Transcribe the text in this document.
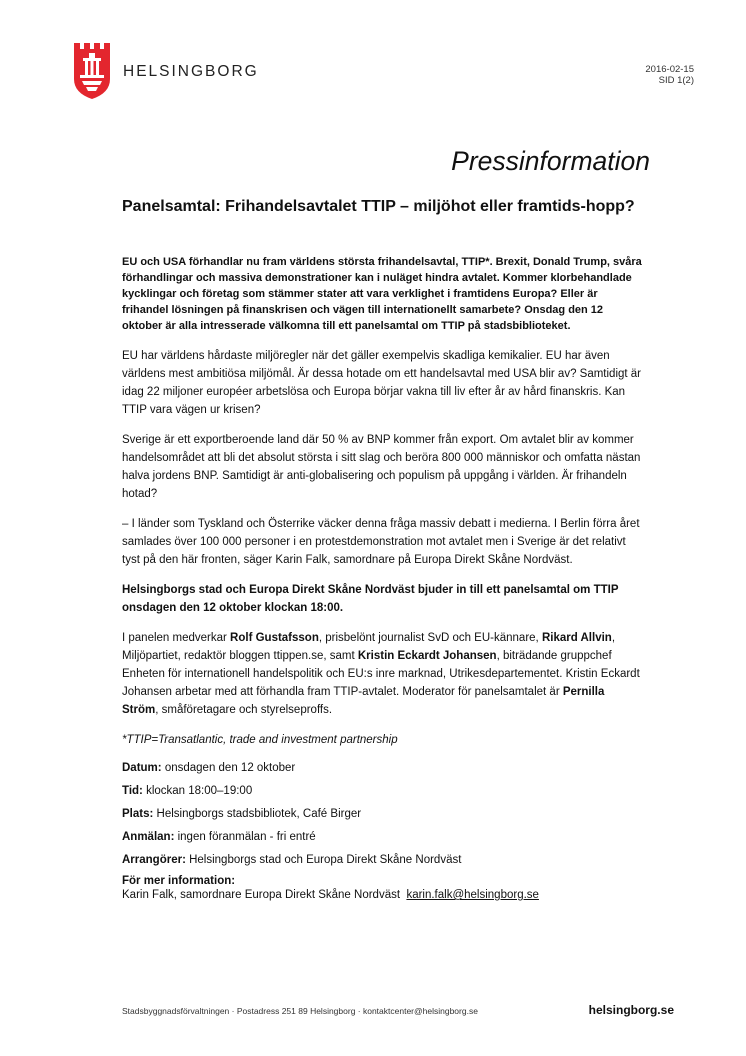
HELSINGBORG	2016-02-15
SID 1(2)
Pressinformation
Panelsamtal: Frihandelsavtalet TTIP – miljöhot eller framtids-hopp?

EU och USA förhandlar nu fram världens största frihandelsavtal, TTIP*. Brexit, Donald Trump, svåra förhandlingar och massiva demonstrationer kan i nuläget hindra avtalet. Kommer klorbehandlade kycklingar och företag som stämmer stater att vara verklighet i framtidens Europa? Eller är frihandel lösningen på finanskrisen och vägen till internationellt samarbete? Onsdag den 12 oktober är alla intresserade välkomna till ett panelsamtal om TTIP på stadsbiblioteket.

EU har världens hårdaste miljöregler när det gäller exempelvis skadliga kemikalier. EU har även världens mest ambitiösa miljömål. Är dessa hotade om ett handelsavtal med USA blir av? Samtidigt är idag 22 miljoner européer arbetslösa och Europa börjar vakna till liv efter år av hård finanskris. Kan TTIP vara vägen ur krisen?

Sverige är ett exportberoende land där 50 % av BNP kommer från export. Om avtalet blir av kommer handelsområdet att bli det absolut största i sitt slag och beröra 800 000 människor och omfatta nästan halva jordens BNP. Samtidigt är anti-globalisering och populism på uppgång i världen. Är frihandeln hotad?

– I länder som Tyskland och Österrike väcker denna fråga massiv debatt i medierna. I Berlin förra året samlades över 100 000 personer i en protestdemonstration mot avtalet men i Sverige är det relativt tyst på den här fronten, säger Karin Falk, samordnare på Europa Direkt Skåne Nordväst.

Helsingborgs stad och Europa Direkt Skåne Nordväst bjuder in till ett panelsamtal om TTIP onsdagen den 12 oktober klockan 18:00.

I panelen medverkar Rolf Gustafsson, prisbelönt journalist SvD och EU-kännare, Rikard Allvin, Miljöpartiet, redaktör bloggen ttippen.se, samt Kristin Eckardt Johansen, biträdande gruppchef Enheten för internationell handelspolitik och EU:s inre marknad, Utrikesdepartementet. Kristin Eckardt Johansen arbetar med att förhandla fram TTIP-avtalet. Moderator för panelsamtalet är Pernilla Ström, småföretagare och styrelseproffs.

*TTIP=Transatlantic, trade and investment partnership

Datum: onsdagen den 12 oktober
Tid: klockan 18:00–19:00
Plats: Helsingborgs stadsbibliotek, Café Birger
Anmälan: ingen föranmälan - fri entré
Arrangörer: Helsingborgs stad och Europa Direkt Skåne Nordväst
För mer information:
Karin Falk, samordnare Europa Direkt Skåne Nordväst karin.falk@helsingborg.se
Stadsbyggnadsförvaltningen · Postadress 251 89 Helsingborg · kontaktcenter@helsingborg.se	helsingborg.se
